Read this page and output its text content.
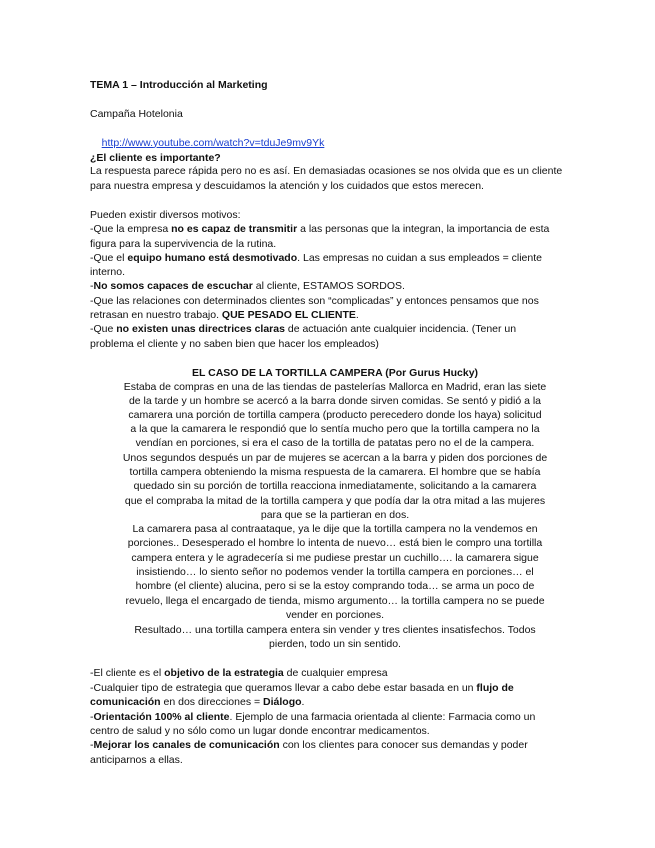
TEMA 1 – Introducción al Marketing
Campaña Hotelonia

http://www.youtube.com/watch?v=tduJe9mv9Yk

¿El cliente es importante?
La respuesta parece rápida pero no es así. En demasiadas ocasiones se nos olvida que es un cliente
para nuestra empresa y descuidamos la atención y los cuidados que estos merecen.
Pueden existir diversos motivos:
-Que la empresa no es capaz de transmitir a las personas que la integran, la importancia de esta
figura para la supervivencia de la rutina.
-Que el equipo humano está desmotivado. Las empresas no cuidan a sus empleados = cliente
interno.
-No somos capaces de escuchar al cliente, ESTAMOS SORDOS.
-Que las relaciones con determinados clientes son “complicadas” y entonces pensamos que nos
retrasan en nuestro trabajo. QUE PESADO EL CLIENTE.
-Que no existen unas directrices claras de actuación ante cualquier incidencia. (Tener un
problema el cliente y no saben bien que hacer los empleados)
EL CASO DE LA TORTILLA CAMPERA (Por Gurus Hucky)
Estaba de compras en una de las tiendas de pastelerías Mallorca en Madrid, eran las siete
de la tarde y un hombre se acercó a la barra donde sirven comidas. Se sentó y pidió a la
camarera una porción de tortilla campera (producto perecedero donde los haya) solicitud
a la que la camarera le respondió que lo sentía mucho pero que la tortilla campera no la
vendían en porciones, si era el caso de la tortilla de patatas pero no el de la campera.
Unos segundos después un par de mujeres se acercan a la barra y piden dos porciones de
tortilla campera obteniendo la misma respuesta de la camarera. El hombre que se había
quedado sin su porción de tortilla reacciona inmediatamente, solicitando a la camarera
que el compraba la mitad de la tortilla campera y que podía dar la otra mitad a las mujeres
para que se la partieran en dos.
La camarera pasa al contraataque, ya le dije que la tortilla campera no la vendemos en
porciones.. Desesperado el hombre lo intenta de nuevo… está bien le compro una tortilla
campera entera y le agradecería si me pudiese prestar un cuchillo…. la camarera sigue
insistiendo… lo siento señor no podemos vender la tortilla campera en porciones… el
hombre (el cliente) alucina, pero si se la estoy comprando toda… se arma un poco de
revuelo, llega el encargado de tienda, mismo argumento… la tortilla campera no se puede
vender en porciones.
Resultado… una tortilla campera entera sin vender y tres clientes insatisfechos. Todos
pierden, todo un sin sentido.
-El cliente es el objetivo de la estrategia de cualquier empresa
-Cualquier tipo de estrategia que queramos llevar a cabo debe estar basada en un flujo de
comunicación en dos direcciones = Diálogo.
-Orientación 100% al cliente. Ejemplo de una farmacia orientada al cliente: Farmacia como un
centro de salud y no sólo como un lugar donde encontrar medicamentos.
-Mejorar los canales de comunicación con los clientes para conocer sus demandas y poder
anticiparnos a ellas.
